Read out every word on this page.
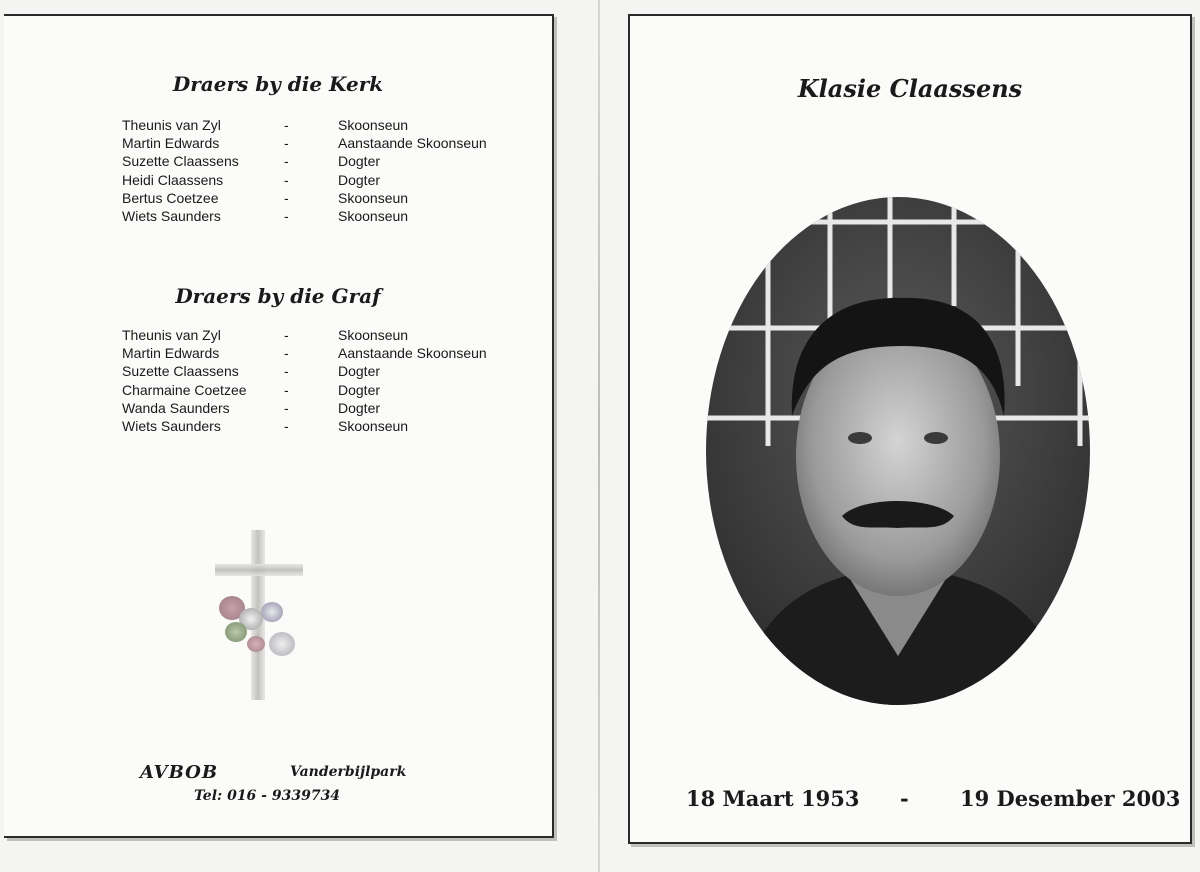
Draers by die Kerk
Theunis van Zyl	-	Skoonseun
Martin Edwards	-	Aanstaande Skoonseun
Suzette Claassens	-	Dogter
Heidi Claassens	-	Dogter
Bertus Coetzee	-	Skoonseun
Wiets Saunders	-	Skoonseun
Draers by die Graf
Theunis van Zyl	-	Skoonseun
Martin Edwards	-	Aanstaande Skoonseun
Suzette Claassens	-	Dogter
Charmaine Coetzee	-	Dogter
Wanda Saunders	-	Dogter
Wiets Saunders	-	Skoonseun
AVBOB	Vanderbijlpark
Tel: 016 - 9339734
Klasie Claassens
18 Maart 1953 - 19 Desember 2003
